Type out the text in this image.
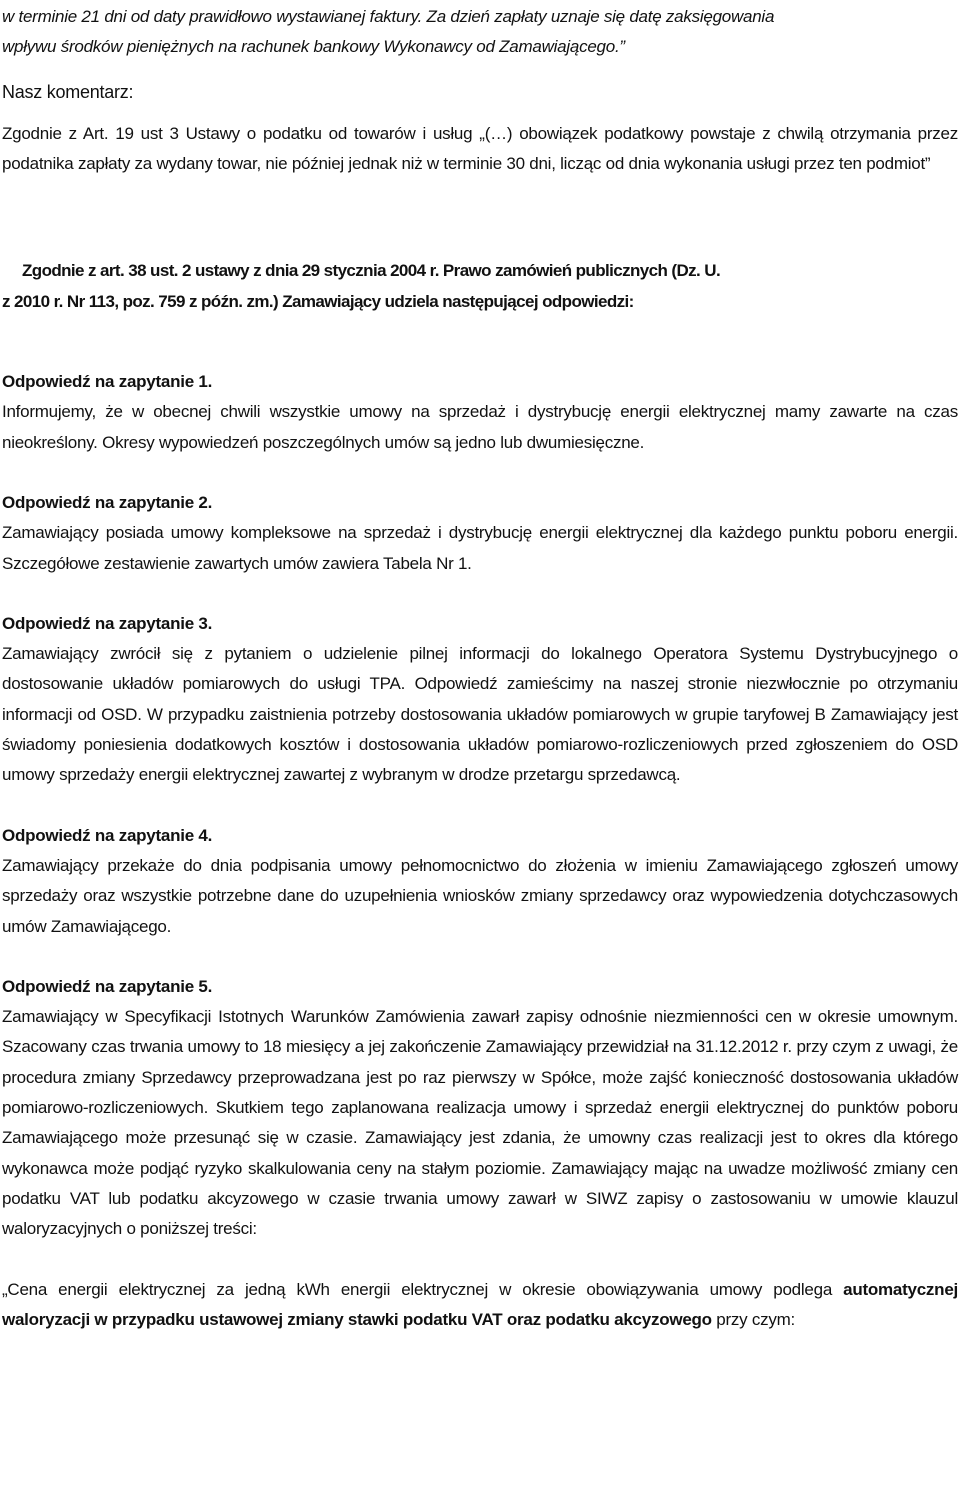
w terminie 21 dni od daty prawidłowo wystawianej faktury. Za dzień zapłaty uznaje się datę zaksięgowania
wpływu środków pieniężnych na rachunek bankowy Wykonawcy od Zamawiającego.”

Nasz komentarz:

Zgodnie z Art. 19 ust 3 Ustawy o podatku od towarów i usług „(…) obowiązek podatkowy powstaje z chwilą otrzymania przez podatnika zapłaty za wydany towar, nie później jednak niż w terminie 30 dni, licząc od dnia wykonania usługi przez ten podmiot”

Zgodnie z art. 38 ust. 2 ustawy z dnia 29 stycznia 2004 r. Prawo zamówień publicznych (Dz. U.

z 2010 r. Nr 113, poz. 759 z późn. zm.) Zamawiający udziela następującej odpowiedzi:

Odpowiedź na zapytanie 1.

Informujemy, że w obecnej chwili wszystkie umowy na sprzedaż i dystrybucję energii elektrycznej mamy zawarte na czas nieokreślony. Okresy wypowiedzeń poszczególnych umów są jedno lub dwumiesięczne.

Odpowiedź na zapytanie 2.

Zamawiający posiada umowy kompleksowe na sprzedaż i dystrybucję energii elektrycznej dla każdego punktu poboru energii. Szczegółowe zestawienie zawartych umów zawiera Tabela Nr 1.

Odpowiedź na zapytanie 3.

Zamawiający zwrócił się z pytaniem o udzielenie pilnej informacji do lokalnego Operatora Systemu Dystrybucyjnego o dostosowanie układów pomiarowych do usługi TPA. Odpowiedź zamieścimy na naszej stronie niezwłocznie po otrzymaniu informacji od OSD. W przypadku zaistnienia potrzeby dostosowania układów pomiarowych w grupie taryfowej B Zamawiający jest świadomy poniesienia dodatkowych kosztów i dostosowania układów pomiarowo-rozliczeniowych przed zgłoszeniem do OSD umowy sprzedaży energii elektrycznej zawartej z wybranym w drodze przetargu sprzedawcą.

Odpowiedź na zapytanie 4.

Zamawiający przekaże do dnia podpisania umowy pełnomocnictwo do złożenia w imieniu Zamawiającego zgłoszeń umowy sprzedaży oraz wszystkie potrzebne dane do uzupełnienia wniosków zmiany sprzedawcy oraz wypowiedzenia dotychczasowych umów Zamawiającego.

Odpowiedź na zapytanie 5.

Zamawiający w Specyfikacji Istotnych Warunków Zamówienia zawarł zapisy odnośnie niezmienności cen w okresie umownym. Szacowany czas trwania umowy to 18 miesięcy a jej zakończenie Zamawiający przewidział na 31.12.2012 r. przy czym z uwagi, że procedura zmiany Sprzedawcy przeprowadzana jest po raz pierwszy w Spółce, może zajść konieczność dostosowania układów pomiarowo-rozliczeniowych. Skutkiem tego zaplanowana realizacja umowy i sprzedaż energii elektrycznej do punktów poboru Zamawiającego może przesunąć się w czasie. Zamawiający jest zdania, że umowny czas realizacji jest to okres dla którego wykonawca może podjąć ryzyko skalkulowania ceny na stałym poziomie. Zamawiający mając na uwadze możliwość zmiany cen podatku VAT lub podatku akcyzowego w czasie trwania umowy zawarł w SIWZ zapisy o zastosowaniu w umowie klauzul waloryzacyjnych o poniższej treści:

„Cena energii elektrycznej za jedną kWh energii elektrycznej w okresie obowiązywania umowy podlega automatycznej waloryzacji w przypadku ustawowej zmiany stawki podatku VAT oraz podatku akcyzowego przy czym:
